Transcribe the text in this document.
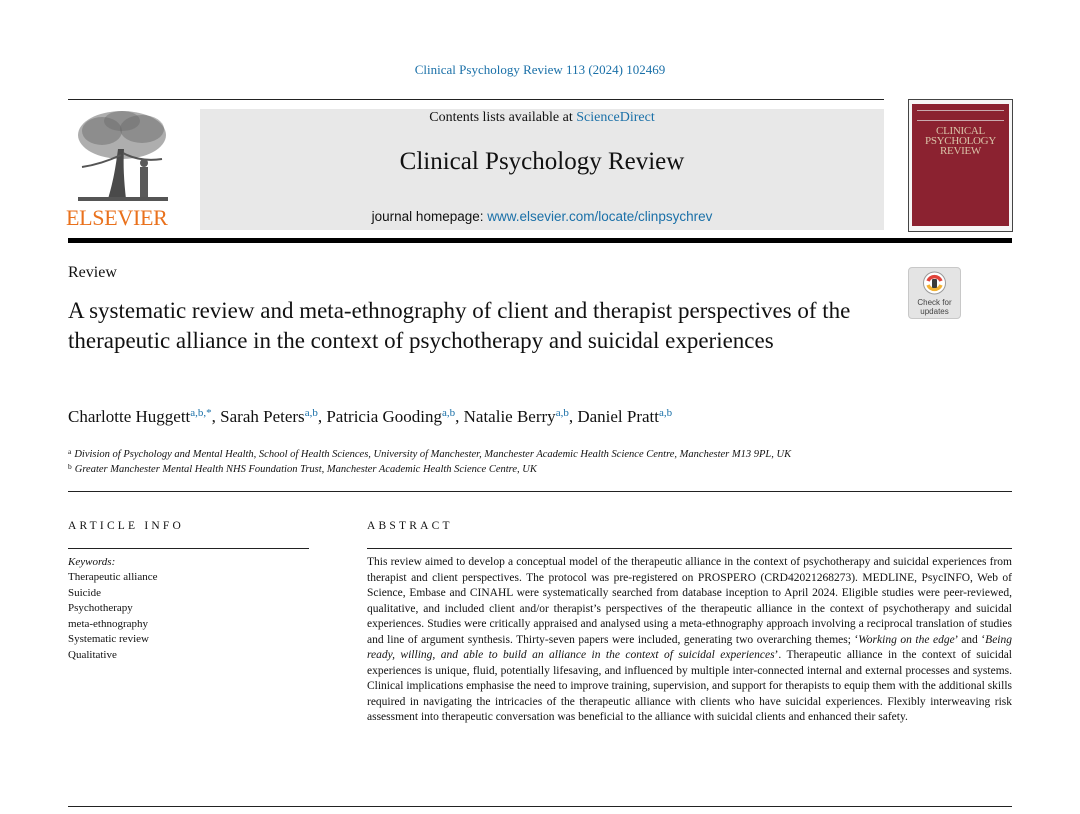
Clinical Psychology Review 113 (2024) 102469
ELSEVIER
Contents lists available at ScienceDirect
Clinical Psychology Review
journal homepage: www.elsevier.com/locate/clinpsychrev
CLINICAL PSYCHOLOGY REVIEW
Review
A systematic review and meta-ethnography of client and therapist perspectives of the therapeutic alliance in the context of psychotherapy and suicidal experiences
Check for updates
Charlotte Huggett$^{a,b,*}$, Sarah Peters$^{a,b}$, Patricia Gooding$^{a,b}$, Natalie Berry$^{a,b}$, Daniel Pratt$^{a,b}$
$^a$ Division of Psychology and Mental Health, School of Health Sciences, University of Manchester, Manchester Academic Health Science Centre, Manchester M13 9PL, UK
$^b$ Greater Manchester Mental Health NHS Foundation Trust, Manchester Academic Health Science Centre, UK
ARTICLE INFO	ABSTRACT
Keywords:
Therapeutic alliance
Suicide
Psychotherapy
meta-ethnography
Systematic review
Qualitative
This review aimed to develop a conceptual model of the therapeutic alliance in the context of psychotherapy and suicidal experiences from therapist and client perspectives. The protocol was pre-registered on PROSPERO (CRD42021268273). MEDLINE, PsycINFO, Web of Science, Embase and CINAHL were systematically searched from database inception to April 2024. Eligible studies were peer-reviewed, qualitative, and included client and/or therapist’s perspectives of the therapeutic alliance in the context of psychotherapy and suicidal experiences. Studies were critically appraised and analysed using a meta-ethnography approach involving a reciprocal translation of studies and line of argument synthesis. Thirty-seven papers were included, generating two overarching themes; ‘Working on the edge’ and ‘Being ready, willing, and able to build an alliance in the context of suicidal experiences’. Therapeutic alliance in the context of suicidal experiences is unique, fluid, potentially lifesaving, and influenced by multiple inter-connected internal and external processes and systems. Clinical implications emphasise the need to improve training, supervision, and support for therapists to equip them with the additional skills required in navigating the intricacies of the therapeutic alliance with clients who have suicidal experiences. Flexibly interweaving risk assessment into therapeutic conversation was beneficial to the alliance with suicidal clients and enhanced their safety.
